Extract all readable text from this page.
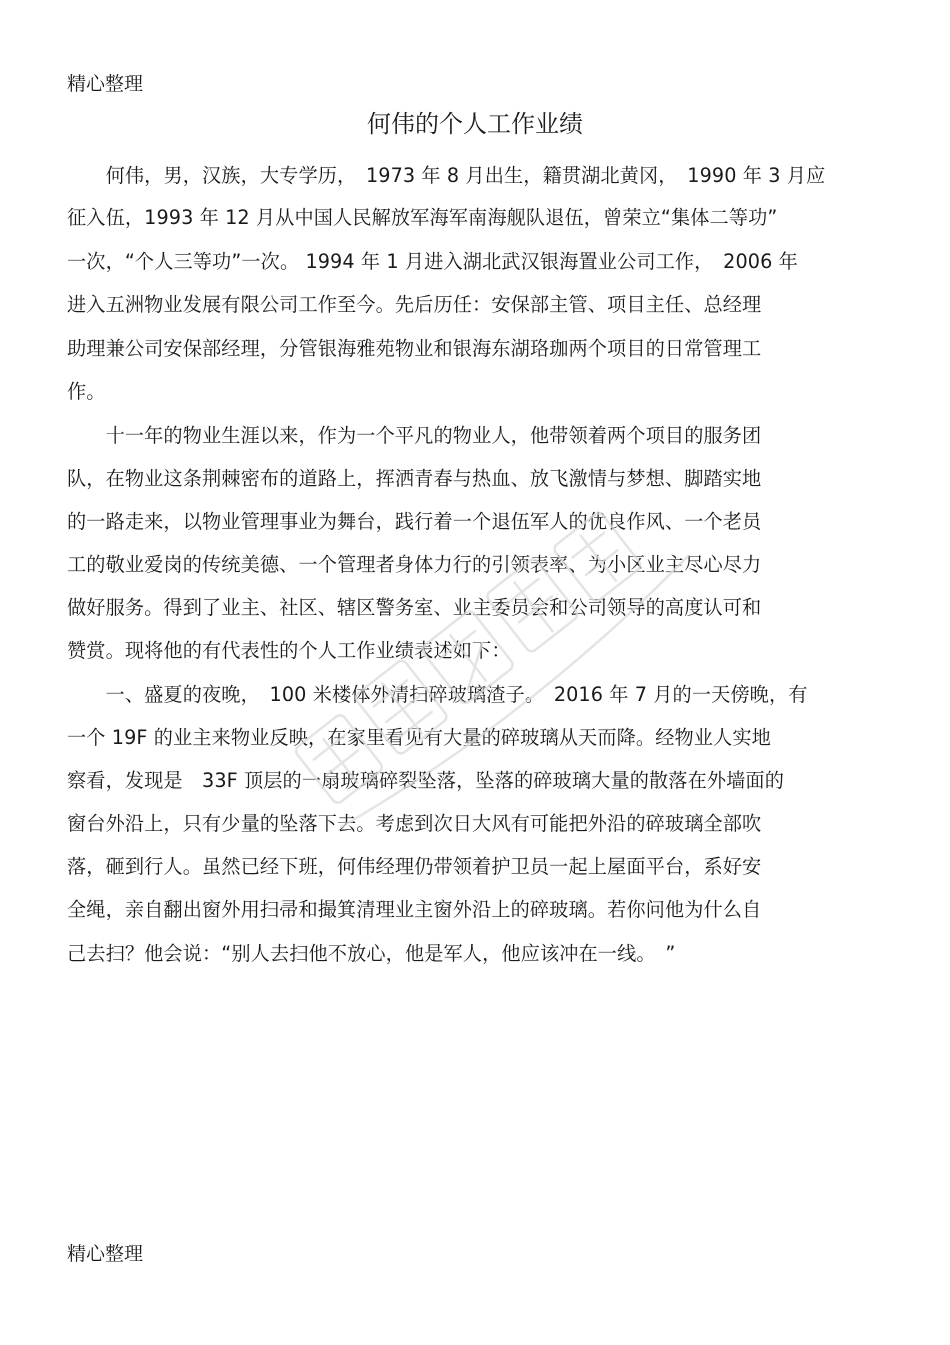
精心整理
何伟的个人工作业绩
　　何伟，男，汉族，大专学历，　1973 年 8 月出生，籍贯湖北黄冈，　1990 年 3 月应
征入伍，1993 年 12 月从中国人民解放军海军南海舰队退伍，曾荣立“集体二等功”
一次，“个人三等功”一次。 1994 年 1 月进入湖北武汉银海置业公司工作，　2006 年
进入五洲物业发展有限公司工作至今。先后历任：安保部主管、项目主任、总经理
助理兼公司安保部经理，分管银海雅苑物业和银海东湖珞珈两个项目的日常管理工
作。
　　十一年的物业生涯以来，作为一个平凡的物业人，他带领着两个项目的服务团
队，在物业这条荆棘密布的道路上，挥洒青春与热血、放飞激情与梦想、脚踏实地
的一路走来，以物业管理事业为舞台，践行着一个退伍军人的优良作风、一个老员
工的敬业爱岗的传统美德、一个管理者身体力行的引领表率、为小区业主尽心尽力
做好服务。得到了业主、社区、辖区警务室、业主委员会和公司领导的高度认可和
赞赏。现将他的有代表性的个人工作业绩表述如下：
　　一、盛夏的夜晚，　100 米楼体外清扫碎玻璃渣子。　2016 年 7 月的一天傍晚，有
一个 19F 的业主来物业反映，在家里看见有大量的碎玻璃从天而降。经物业人实地
察看，发现是　33F 顶层的一扇玻璃碎裂坠落，坠落的碎玻璃大量的散落在外墙面的
窗台外沿上，只有少量的坠落下去。考虑到次日大风有可能把外沿的碎玻璃全部吹
落，砸到行人。虽然已经下班，何伟经理仍带领着护卫员一起上屋面平台，系好安
全绳，亲自翻出窗外用扫帚和撮箕清理业主窗外沿上的碎玻璃。若你问他为什么自
己去扫？他会说：“别人去扫他不放心，他是军人，他应该冲在一线。　”
精心整理
